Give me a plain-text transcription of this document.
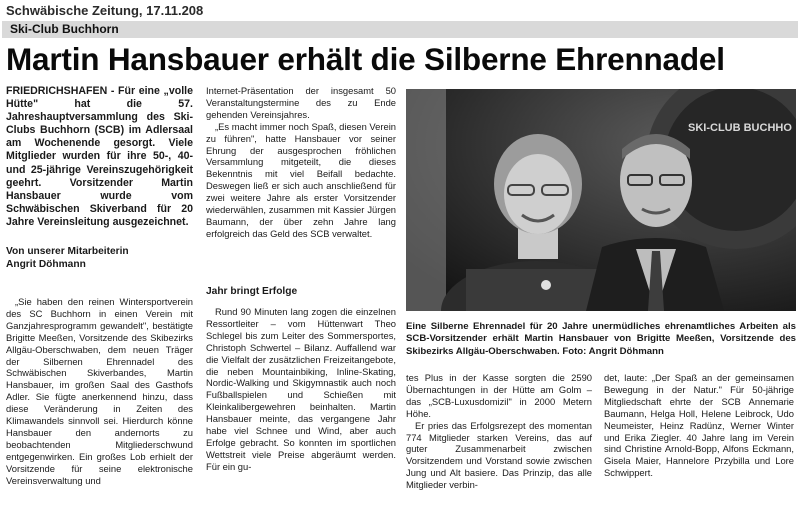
Schwäbische Zeitung, 17.11.208
Ski-Club Buchhorn
Martin Hansbauer erhält die Silberne Ehrennadel

FRIEDRICHSHAFEN - Für eine „volle Hütte" hat die 57. Jahreshauptversammlung des Ski-Clubs Buchhorn (SCB) im Adlersaal am Wochenende gesorgt. Viele Mitglieder wurden für ihre 50-, 40- und 25-jährige Vereinszugehörigkeit geehrt. Vorsitzender Martin Hansbauer wurde vom Schwäbischen Skiverband für 20 Jahre Vereinsleitung ausgezeichnet.

Von unserer Mitarbeiterin
Angrit Döhmann

„Sie haben den reinen Wintersportverein des SC Buchhorn in einen Verein mit Ganzjahresprogramm gewandelt", bestätigte Brigitte Meeßen, Vorsitzende des Skibezirks Allgäu-Oberschwaben, dem neuen Träger der Silbernen Ehrennadel des Schwäbischen Skiverbandes, Martin Hansbauer, im großen Saal des Gasthofs Adler. Sie fügte anerkennend hinzu, dass diese Veränderung in Zeiten des Klimawandels sinnvoll sei. Hierdurch könne Hansbauer den andernorts zu beobachtenden Mitgliederschwund entgegenwirken. Ein großes Lob erhielt der Vorsitzende für seine elektronische Vereinsverwaltung und

Internet-Präsentation der insgesamt 50 Veranstaltungstermine des zu Ende gehenden Vereinsjahres.

„Es macht immer noch Spaß, diesen Verein zu führen", hatte Hansbauer vor seiner Ehrung der ausgesprochen fröhlichen Versammlung mitgeteilt, die dieses Bekenntnis mit viel Beifall bedachte. Deswegen ließ er sich auch anschließend für zwei weitere Jahre als erster Vorsitzender wiederwählen, zusammen mit Kassier Jürgen Baumann, der über zehn Jahre lang erfolgreich das Geld des SCB verwaltet.

Jahr bringt Erfolge

Rund 90 Minuten lang zogen die einzelnen Ressortleiter – vom Hüttenwart Theo Schlegel bis zum Leiter des Sommersportes, Christoph Schwertel – Bilanz. Auffallend war die Vielfalt der zusätzlichen Freizeitangebote, die neben Mountainbiking, Inline-Skating, Nordic-Walking und Skigymnastik auch noch Fußballspielen und Schießen mit Kleinkalibergewehren beinhalten. Martin Hansbauer meinte, das vergangene Jahr habe viel Schnee und Wind, aber auch Erfolge gebracht. So konnten im sportlichen Wettstreit viele Preise abgeräumt werden. Für ein gu-

SKI-CLUB BUCHHO
Eine Silberne Ehrennadel für 20 Jahre unermüdliches ehrenamtliches Arbeiten als SCB-Vorsitzender erhält Martin Hansbauer von Brigitte Meeßen, Vorsitzende des Skibezirks Allgäu-Oberschwaben. Foto: Angrit Döhmann

tes Plus in der Kasse sorgten die 2590 Übernachtungen in der Hütte am Golm – das „SCB-Luxusdomizil" in 2000 Metern Höhe.

Er pries das Erfolgsrezept des momentan 774 Mitglieder starken Vereins, das auf guter Zusammenarbeit zwischen Vorsitzendem und Vorstand sowie zwischen Jung und Alt basiere. Das Prinzip, das alle Mitglieder verbin-

det, laute: „Der Spaß an der gemeinsamen Bewegung in der Natur." Für 50-jährige Mitgliedschaft ehrte der SCB Annemarie Baumann, Helga Holl, Helene Leibrock, Udo Neumeister, Heinz Radünz, Werner Winter und Erika Ziegler. 40 Jahre lang im Verein sind Christine Arnold-Bopp, Alfons Eckmann, Gisela Maier, Hannelore Przybilla und Lore Schwippert.
